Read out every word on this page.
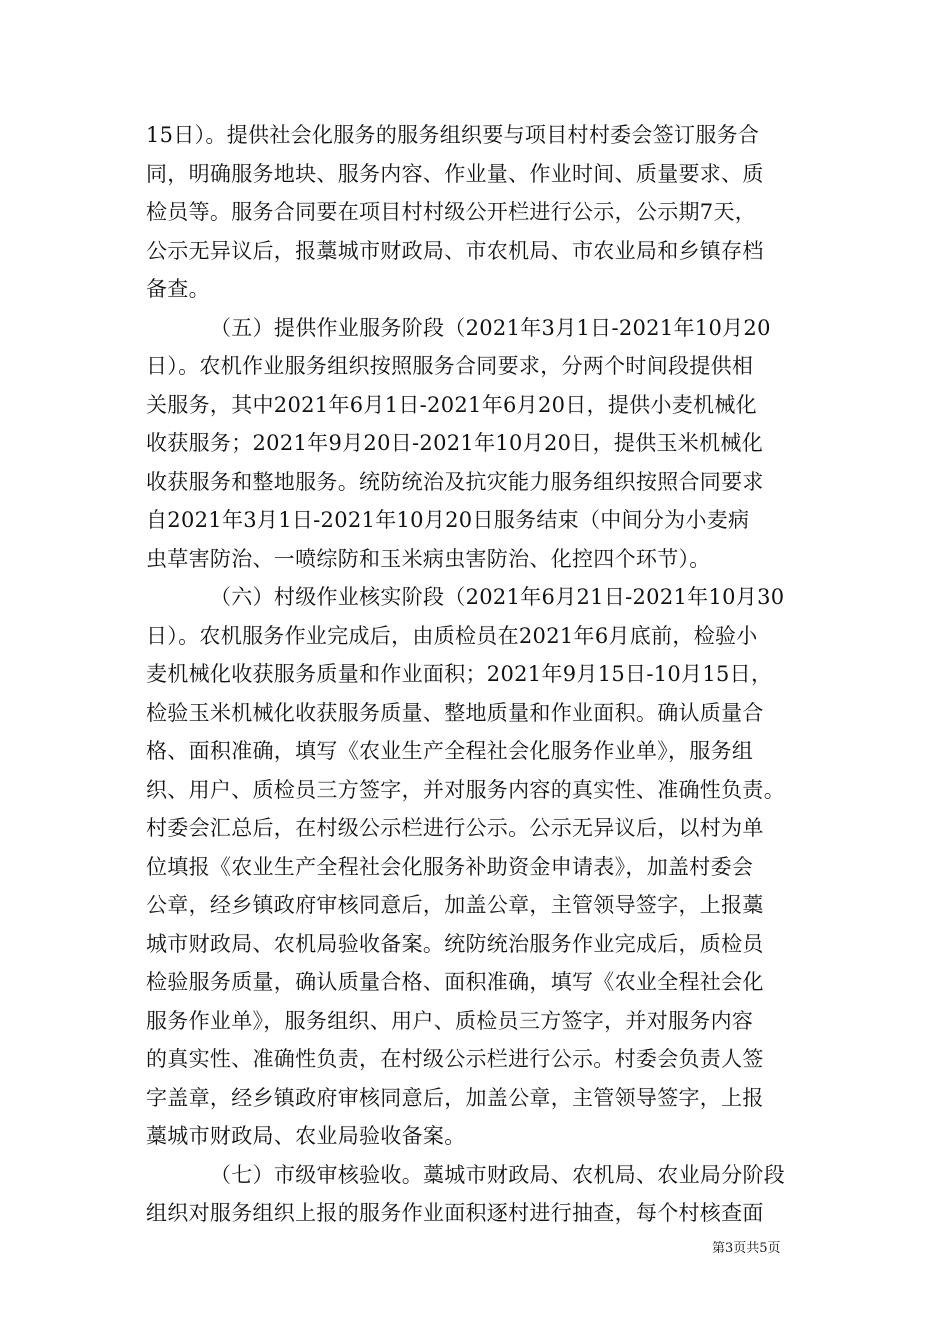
15日）。提供社会化服务的服务组织要与项目村村委会签订服务合
同，明确服务地块、服务内容、作业量、作业时间、质量要求、质
检员等。服务合同要在项目村村级公开栏进行公示，公示期7天，
公示无异议后，报藁城市财政局、市农机局、市农业局和乡镇存档
备查。
（五）提供作业服务阶段（2021年3月1日-2021年10月20
日）。农机作业服务组织按照服务合同要求，分两个时间段提供相
关服务，其中2021年6月1日-2021年6月20日，提供小麦机械化
收获服务；2021年9月20日-2021年10月20日，提供玉米机械化
收获服务和整地服务。统防统治及抗灾能力服务组织按照合同要求
自2021年3月1日-2021年10月20日服务结束（中间分为小麦病
虫草害防治、一喷综防和玉米病虫害防治、化控四个环节）。
（六）村级作业核实阶段（2021年6月21日-2021年10月30
日）。农机服务作业完成后，由质检员在2021年6月底前，检验小
麦机械化收获服务质量和作业面积；2021年9月15日-10月15日，
检验玉米机械化收获服务质量、整地质量和作业面积。确认质量合
格、面积准确，填写《农业生产全程社会化服务作业单》，服务组
织、用户、质检员三方签字，并对服务内容的真实性、准确性负责。
村委会汇总后，在村级公示栏进行公示。公示无异议后，以村为单
位填报《农业生产全程社会化服务补助资金申请表》，加盖村委会
公章，经乡镇政府审核同意后，加盖公章，主管领导签字，上报藁
城市财政局、农机局验收备案。统防统治服务作业完成后，质检员
检验服务质量，确认质量合格、面积准确，填写《农业全程社会化
服务作业单》，服务组织、用户、质检员三方签字，并对服务内容
的真实性、准确性负责，在村级公示栏进行公示。村委会负责人签
字盖章，经乡镇政府审核同意后，加盖公章，主管领导签字，上报
藁城市财政局、农业局验收备案。
（七）市级审核验收。藁城市财政局、农机局、农业局分阶段
组织对服务组织上报的服务作业面积逐村进行抽查，每个村核查面
第3页共5页
